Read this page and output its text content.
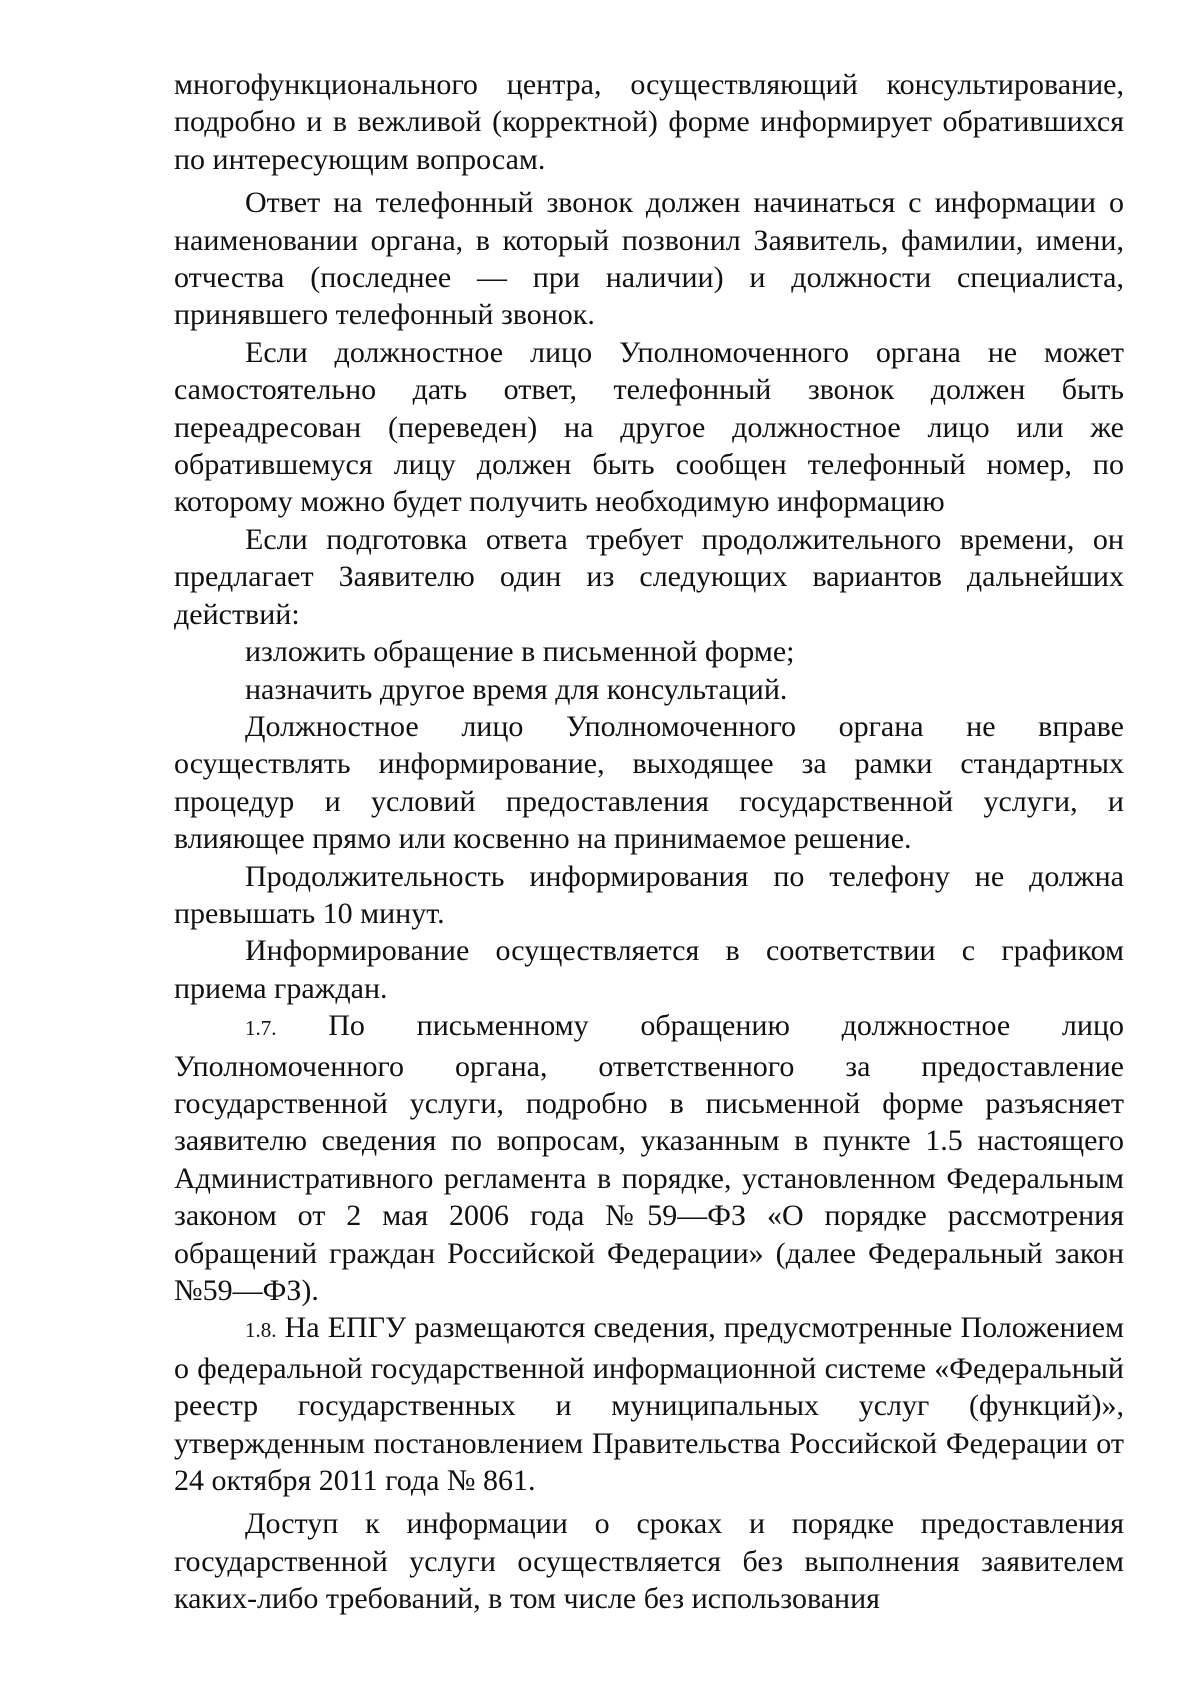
многофункционального центра, осуществляющий консультирование, подробно и в вежливой (корректной) форме информирует обратившихся по интересующим вопросам.

Ответ на телефонный звонок должен начинаться с информации о наименовании органа, в который позвонил Заявитель, фамилии, имени, отчества (последнее — при наличии) и должности специалиста, принявшего телефонный звонок.

Если должностное лицо Уполномоченного органа не может самостоятельно дать ответ, телефонный звонок должен быть переадресован (переведен) на другое должностное лицо или же обратившемуся лицу должен быть сообщен телефонный номер, по которому можно будет получить необходимую информацию

Если подготовка ответа требует продолжительного времени, он предлагает Заявителю один из следующих вариантов дальнейших действий:

изложить обращение в письменной форме;

назначить другое время для консультаций.

Должностное лицо Уполномоченного органа не вправе осуществлять информирование, выходящее за рамки стандартных процедур и условий предоставления государственной услуги, и влияющее прямо или косвенно на принимаемое решение.

Продолжительность информирования по телефону не должна превышать 10 минут.

Информирование осуществляется в соответствии с графиком приема граждан.

1.7. По письменному обращению должностное лицо Уполномоченного органа, ответственного за предоставление государственной услуги, подробно в письменной форме разъясняет заявителю сведения по вопросам, указанным в пункте 1.5 настоящего Административного регламента в порядке, установленном Федеральным законом от 2 мая 2006 года №59—ФЗ «О порядке рассмотрения обращений граждан Российской Федерации» (далее Федеральный закон №59—ФЗ).

1.8. На ЕПГУ размещаются сведения, предусмотренные Положением о федеральной государственной информационной системе «Федеральный реестр государственных и муниципальных услуг (функций)», утвержденным постановлением Правительства Российской Федерации от 24 октября 2011 года № 861.

Доступ к информации о сроках и порядке предоставления государственной услуги осуществляется без выполнения заявителем каких-либо требований, в том числе без использования
